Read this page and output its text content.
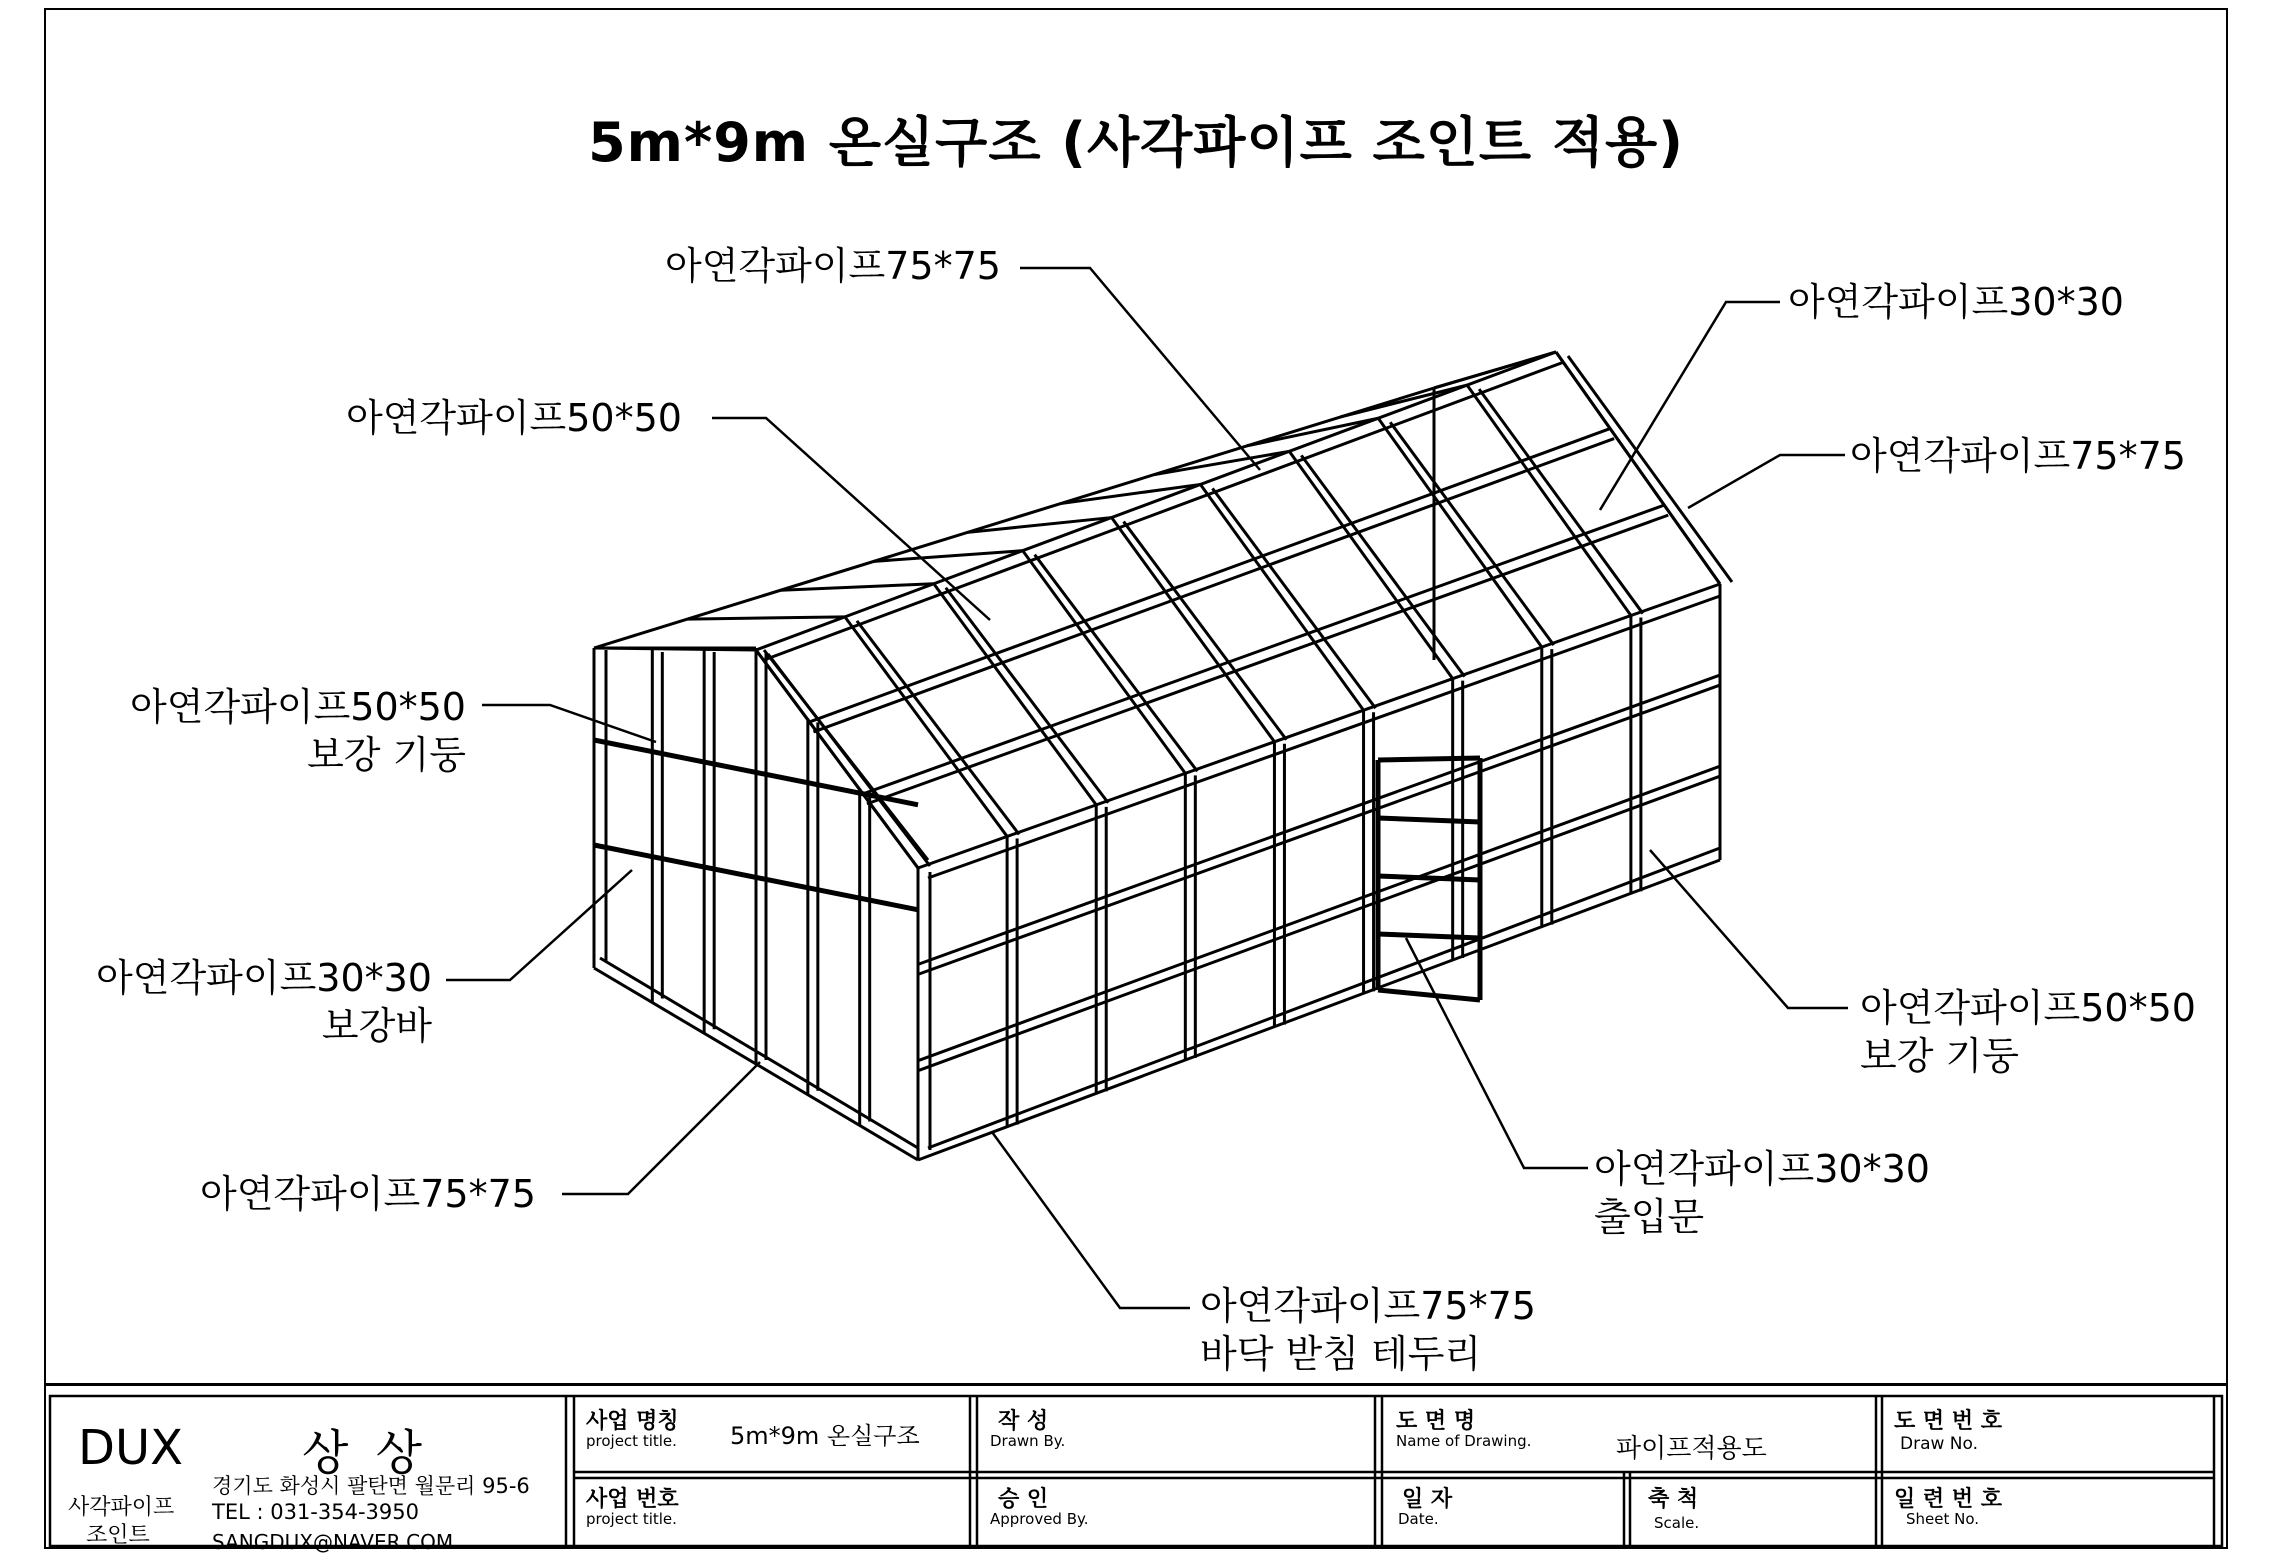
5m*9m 온실구조 (사각파이프 조인트 적용)
아연각파이프75*75
아연각파이프30*30
아연각파이프75*75
아연각파이프50*50
아연각파이프50*50
보강 기둥
아연각파이프30*30
보강바
아연각파이프75*75
아연각파이프50*50
보강 기둥
아연각파이프30*30
출입문
아연각파이프75*75
바닥 받침 테두리
DUX 상 상
사각파이프
조인트
경기도 화성시 팔탄면 월문리 95-6
TEL : 031-354-3950
SANGDUX@NAVER.COM
사업 명칭
project title. 5m*9m 온실구조
사업 번호
project title.
작 성
Drawn By.
승 인
Approved By.
도 면 명
Name of Drawing.	파이프적용도
일 자
Date.
축 척
Scale.
도 면 번 호
Draw No.
일 련 번 호
Sheet No.
